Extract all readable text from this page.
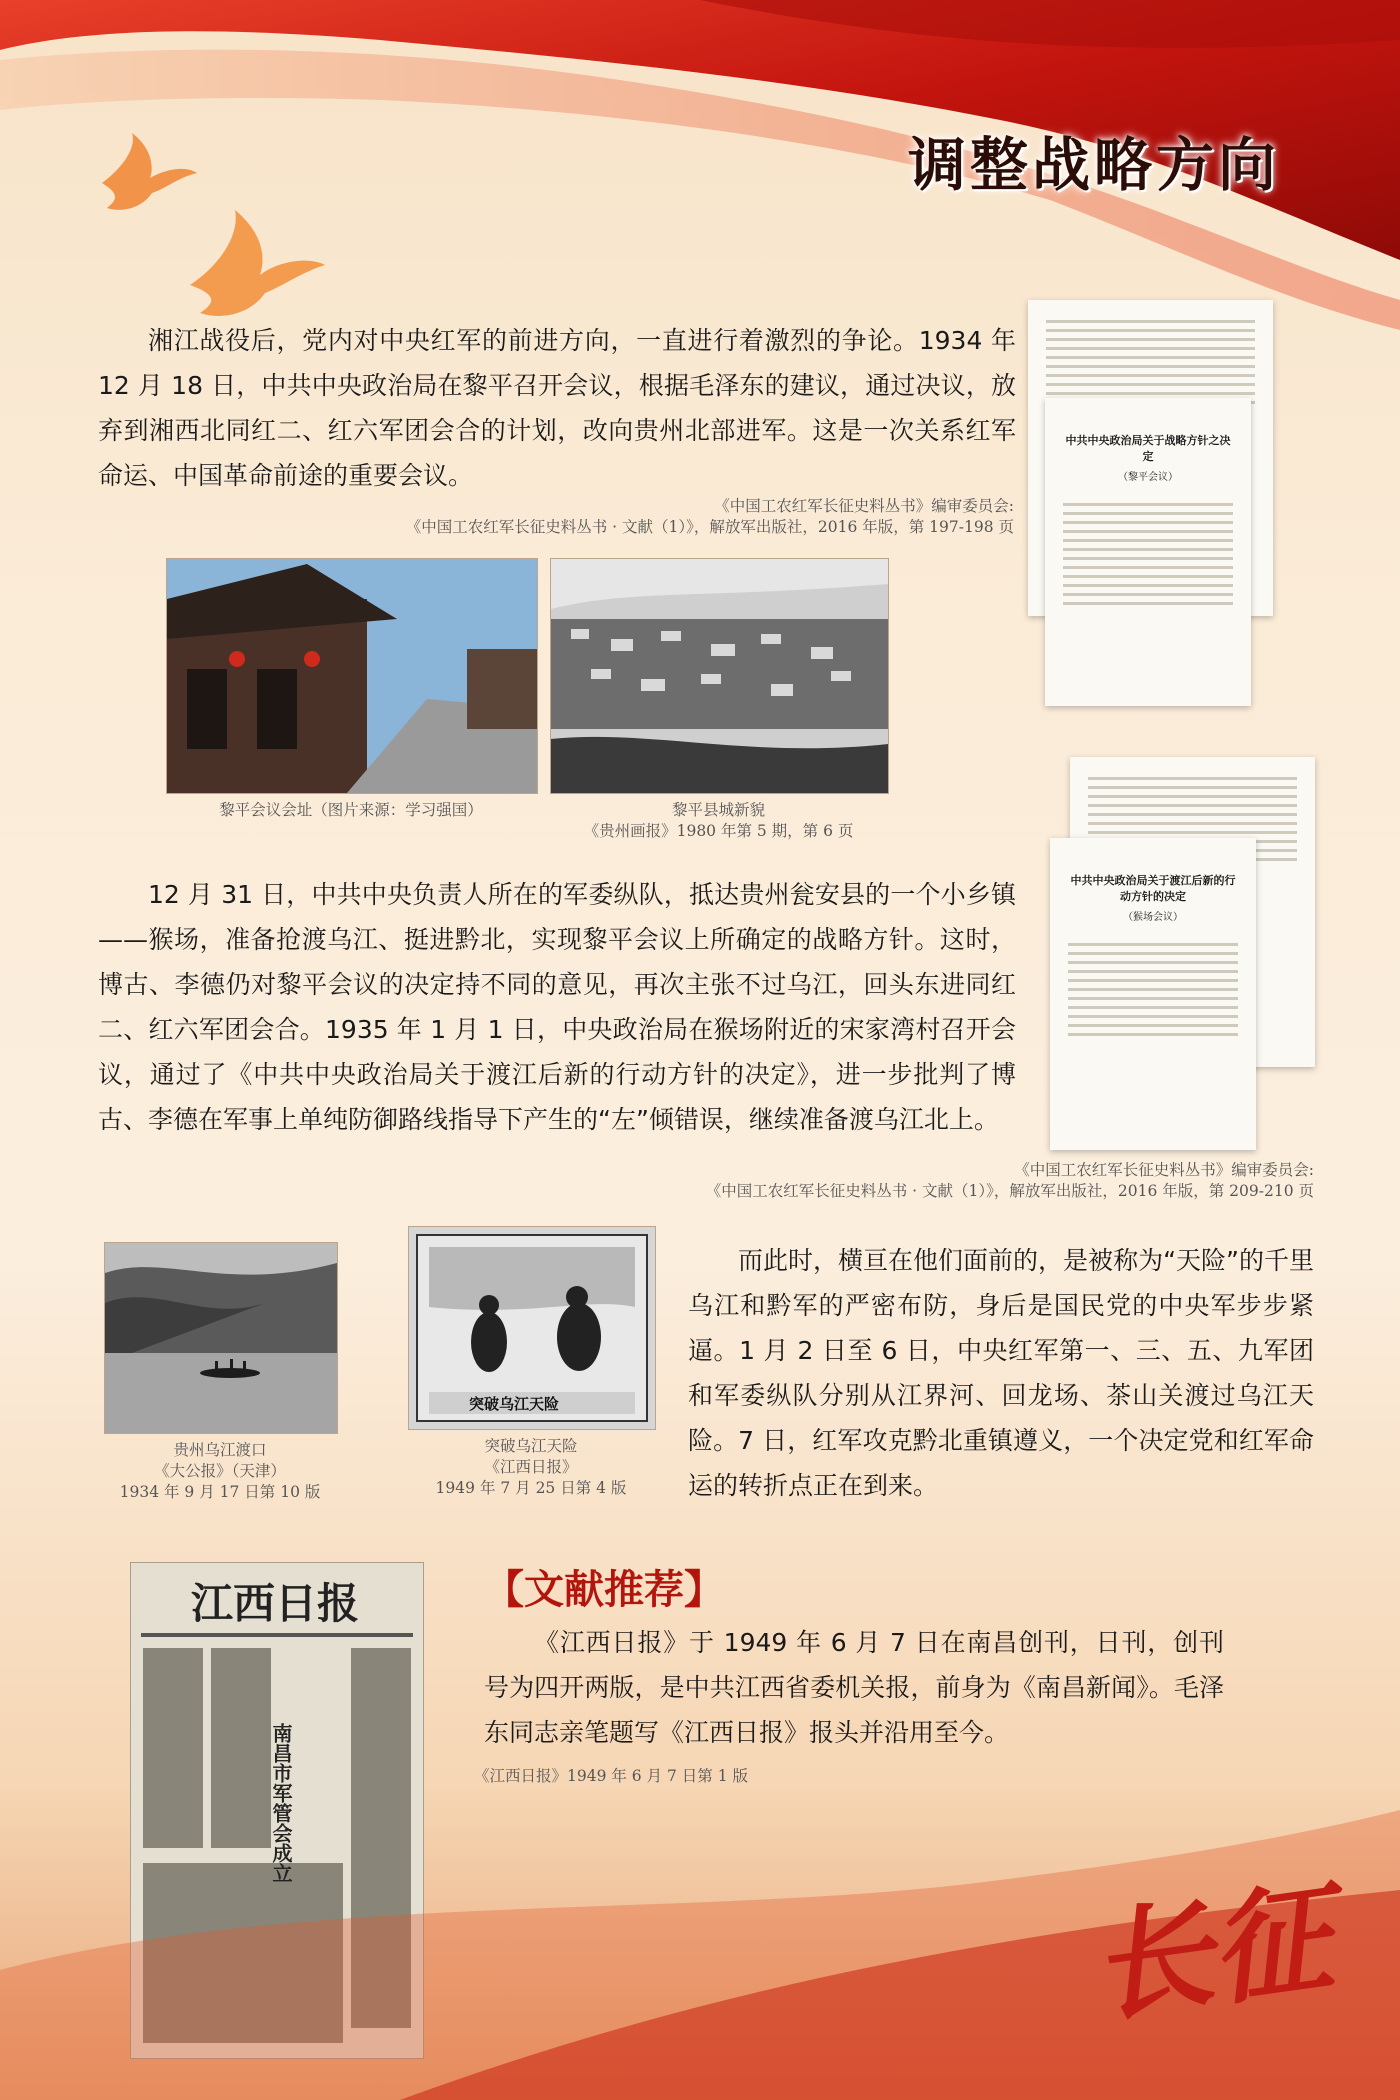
调整战略方向

湘江战役后，党内对中央红军的前进方向，一直进行着激烈的争论。1934 年 12 月 18 日，中共中央政治局在黎平召开会议，根据毛泽东的建议，通过决议，放弃到湘西北同红二、红六军团会合的计划，改向贵州北部进军。这是一次关系红军命运、中国革命前途的重要会议。

《中国工农红军长征史料丛书》编审委员会:
《中国工农红军长征史料丛书 · 文献（1）》，解放军出版社，2016 年版，第 197-198 页
中共中央政治局关于战略方针之决定
（黎平会议）
黎平会议会址（图片来源：学习强国）	黎平县城新貌
《贵州画报》1980 年第 5 期，第 6 页

12 月 31 日，中共中央负责人所在的军委纵队，抵达贵州瓮安县的一个小乡镇——猴场，准备抢渡乌江、挺进黔北，实现黎平会议上所确定的战略方针。这时，博古、李德仍对黎平会议的决定持不同的意见，再次主张不过乌江，回头东进同红二、红六军团会合。1935 年 1 月 1 日，中央政治局在猴场附近的宋家湾村召开会议，通过了《中共中央政治局关于渡江后新的行动方针的决定》，进一步批判了博古、李德在军事上单纯防御路线指导下产生的“左”倾错误，继续准备渡乌江北上。

中共中央政治局关于渡江后新的行动方针的决定
（猴场会议）
《中国工农红军长征史料丛书》编审委员会:
《中国工农红军长征史料丛书 · 文献（1）》，解放军出版社，2016 年版，第 209-210 页
贵州乌江渡口
《大公报》（天津）
1934 年 9 月 17 日第 10 版
突破乌江天险
突破乌江天险
《江西日报》
1949 年 7 月 25 日第 4 版

而此时，横亘在他们面前的，是被称为“天险”的千里乌江和黔军的严密布防，身后是国民党的中央军步步紧逼。1 月 2 日至 6 日，中央红军第一、三、五、九军团和军委纵队分别从江界河、回龙场、茶山关渡过乌江天险。7 日，红军攻克黔北重镇遵义，一个决定党和红军命运的转折点正在到来。

江西日报
南昌市军管会成立
【文献推荐】

《江西日报》于 1949 年 6 月 7 日在南昌创刊，日刊，创刊号为四开两版，是中共江西省委机关报，前身为《南昌新闻》。毛泽东同志亲笔题写《江西日报》报头并沿用至今。

《江西日报》1949 年 6 月 7 日第 1 版
长征
